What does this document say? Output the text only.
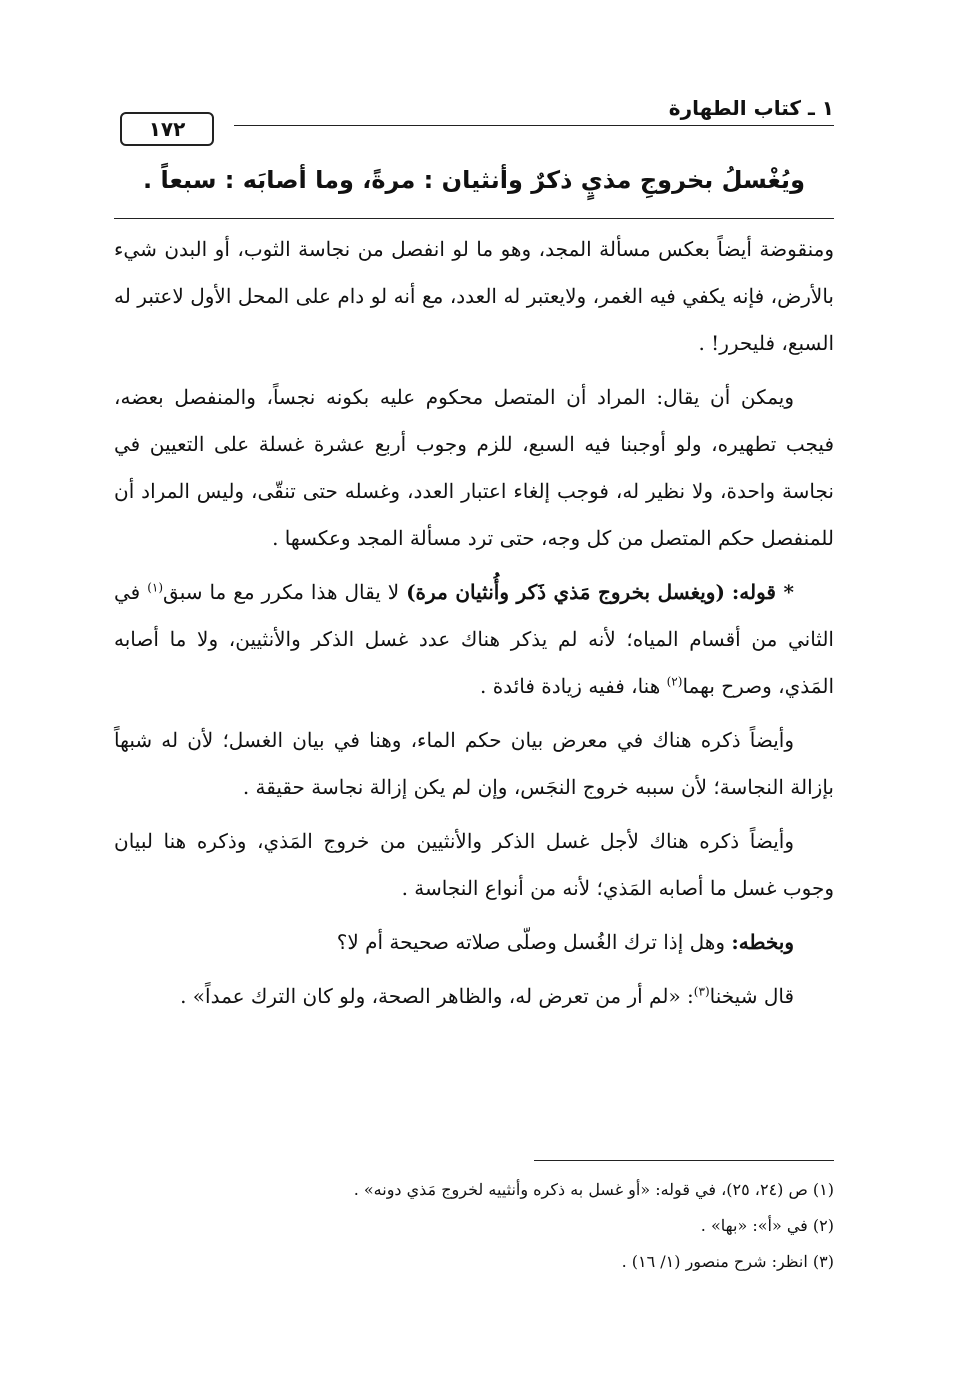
١ ـ كتاب الطهارة
١٧٢
ويُغْسلُ بخروجِ مذيٍ ذكرٌ وأنثيان : مرةً، وما أصابَه : سبعاً .

ومنقوضة أيضاً بعكس مسألة المجد، وهو ما لو انفصل من نجاسة الثوب، أو البدن شيء بالأرض، فإنه يكفي فيه الغمر، ولايعتبر له العدد، مع أنه لو دام على المحل الأول لاعتبر له السبع، فليحرر! .

ويمكن أن يقال: المراد أن المتصل محكوم عليه بكونه نجساً، والمنفصل بعضه، فيجب تطهيره، ولو أوجبنا فيه السبع، للزم وجوب أربع عشرة غسلة على التعيين في نجاسة واحدة، ولا نظير له، فوجب إلغاء اعتبار العدد، وغسله حتى تنقّى، وليس المراد أن للمنفصل حكم المتصل من كل وجه، حتى ترد مسألة المجد وعكسها .

* قوله: (ويغسل بخروج مَذي ذَكر وأُنثيان مرة) لا يقال هذا مكرر مع ما سبق$^{(١)}$ في الثاني من أقسام المياه؛ لأنه لم يذكر هناك عدد غسل الذكر والأنثيين، ولا ما أصابه المَذي، وصرح بهما$^{(٢)}$ هنا، ففيه زيادة فائدة .

وأيضاً ذكره هناك في معرض بيان حكم الماء، وهنا في بيان الغسل؛ لأن له شبهاً بإزالة النجاسة؛ لأن سببه خروج النجَس، وإن لم يكن إزالة نجاسة حقيقة .

وأيضاً ذكره هناك لأجل غسل الذكر والأنثيين من خروج المَذي، وذكره هنا لبيان وجوب غسل ما أصابه المَذي؛ لأنه من أنواع النجاسة .

وبخطه: وهل إذا ترك الغُسل وصلّى صلاته صحيحة أم لا؟

قال شيخنا$^{(٣)}$: «لم أر من تعرض له، والظاهر الصحة، ولو كان الترك عمداً» .

(١) ص (٢٤، ٢٥)، في قوله: «أو غسل به ذكره وأنثييه لخروج مَذي دونه» .

(٢) في «أ»: «بها» .

(٣) انظر: شرح منصور (١/ ١٦) .
